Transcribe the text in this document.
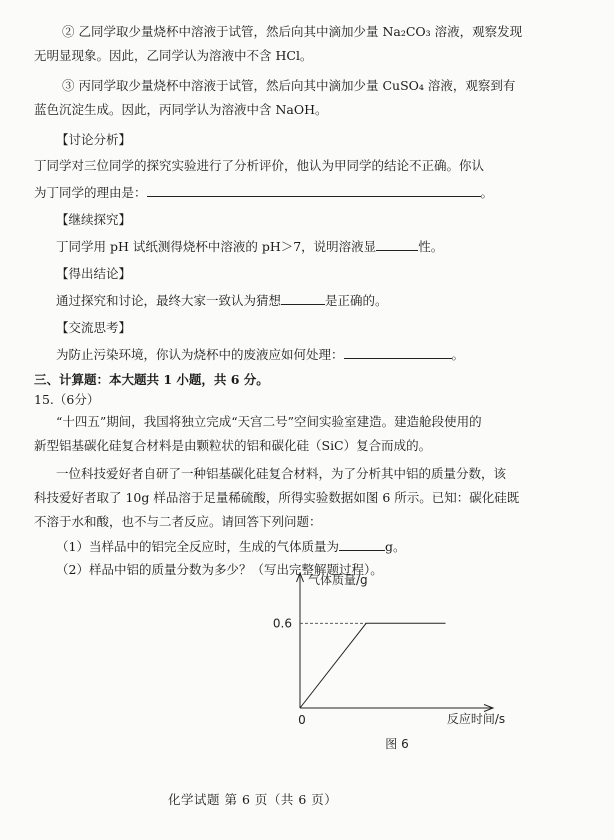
② 乙同学取少量烧杯中溶液于试管，然后向其中滴加少量 Na₂CO₃ 溶液，观察发现
无明显现象。因此，乙同学认为溶液中不含 HCl。
③ 丙同学取少量烧杯中溶液于试管，然后向其中滴加少量 CuSO₄ 溶液，观察到有
蓝色沉淀生成。因此，丙同学认为溶液中含 NaOH。
【讨论分析】
丁同学对三位同学的探究实验进行了分析评价，他认为甲同学的结论不正确。你认
为丁同学的理由是：	。
【继续探究】
丁同学用 pH 试纸测得烧杯中溶液的 pH＞7，说明溶液显	性。
【得出结论】
通过探究和讨论，最终大家一致认为猜想	是正确的。
【交流思考】
为防止污染环境，你认为烧杯中的废液应如何处理：	。
三、计算题：本大题共 1 小题，共 6 分。
15.（6分）
“十四五”期间，我国将独立完成“天宫二号”空间实验室建造。建造舱段使用的
新型铝基碳化硅复合材料是由颗粒状的铝和碳化硅（SiC）复合而成的。
一位科技爱好者自研了一种铝基碳化硅复合材料，为了分析其中铝的质量分数，该
科技爱好者取了 10g 样品溶于足量稀硫酸，所得实验数据如图 6 所示。已知：碳化硅既
不溶于水和酸，也不与二者反应。请回答下列问题：
（1）当样品中的铝完全反应时，生成的气体质量为	g。
（2）样品中铝的质量分数为多少？（写出完整解题过程）。
气体质量/g
反应时间/s
0
0.6
图 6
化学试题 第 6 页（共 6 页）
